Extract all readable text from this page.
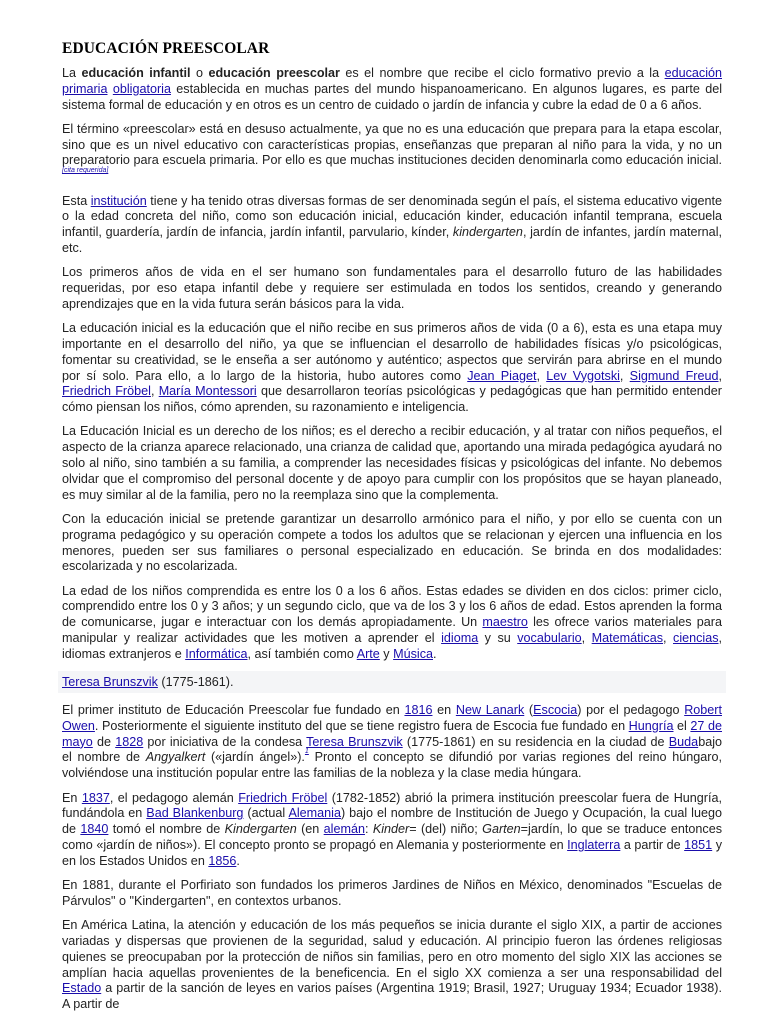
EDUCACIÓN PREESCOLAR

La educación infantil o educación preescolar es el nombre que recibe el ciclo formativo previo a la educación primaria obligatoria establecida en muchas partes del mundo hispanoamericano. En algunos lugares, es parte del sistema formal de educación y en otros es un centro de cuidado o jardín de infancia y cubre la edad de 0 a 6 años.

El término «preescolar» está en desuso actualmente, ya que no es una educación que prepara para la etapa escolar, sino que es un nivel educativo con características propias, enseñanzas que preparan al niño para la vida, y no un preparatorio para escuela primaria. Por ello es que muchas instituciones deciden denominarla como educación inicial.[cita requerida]

Esta institución tiene y ha tenido otras diversas formas de ser denominada según el país, el sistema educativo vigente o la edad concreta del niño, como son educación inicial, educación kinder, educación infantil temprana, escuela infantil, guardería, jardín de infancia, jardín infantil, parvulario, kínder, kindergarten, jardín de infantes, jardín maternal, etc.

Los primeros años de vida en el ser humano son fundamentales para el desarrollo futuro de las habilidades requeridas, por eso etapa infantil debe y requiere ser estimulada en todos los sentidos, creando y generando aprendizajes que en la vida futura serán básicos para la vida.

La educación inicial es la educación que el niño recibe en sus primeros años de vida (0 a 6), esta es una etapa muy importante en el desarrollo del niño, ya que se influencian el desarrollo de habilidades físicas y/o psicológicas, fomentar su creatividad, se le enseña a ser autónomo y auténtico; aspectos que servirán para abrirse en el mundo por sí solo. Para ello, a lo largo de la historia, hubo autores como Jean Piaget, Lev Vygotski, Sigmund Freud, Friedrich Fröbel, María Montessori que desarrollaron teorías psicológicas y pedagógicas que han permitido entender cómo piensan los niños, cómo aprenden, su razonamiento e inteligencia.

La Educación Inicial es un derecho de los niños; es el derecho a recibir educación, y al tratar con niños pequeños, el aspecto de la crianza aparece relacionado, una crianza de calidad que, aportando una mirada pedagógica ayudará no solo al niño, sino también a su familia, a comprender las necesidades físicas y psicológicas del infante. No debemos olvidar que el compromiso del personal docente y de apoyo para cumplir con los propósitos que se hayan planeado, es muy similar al de la familia, pero no la reemplaza sino que la complementa.

Con la educación inicial se pretende garantizar un desarrollo armónico para el niño, y por ello se cuenta con un programa pedagógico y su operación compete a todos los adultos que se relacionan y ejercen una influencia en los menores, pueden ser sus familiares o personal especializado en educación. Se brinda en dos modalidades: escolarizada y no escolarizada.

La edad de los niños comprendida es entre los 0 a los 6 años. Estas edades se dividen en dos ciclos: primer ciclo, comprendido entre los 0 y 3 años; y un segundo ciclo, que va de los 3 y los 6 años de edad. Estos aprenden la forma de comunicarse, jugar e interactuar con los demás apropiadamente. Un maestro les ofrece varios materiales para manipular y realizar actividades que les motiven a aprender el idioma y su vocabulario, Matemáticas, ciencias, idiomas extranjeros e Informática, así también como Arte y Música.

Teresa Brunszvik (1775-1861).

El primer instituto de Educación Preescolar fue fundado en 1816 en New Lanark (Escocia) por el pedagogo Robert Owen. Posteriormente el siguiente instituto del que se tiene registro fuera de Escocia fue fundado en Hungría el 27 de mayo de 1828 por iniciativa de la condesa Teresa Brunszvik (1775-1861) en su residencia en la ciudad de Budabajo el nombre de Angyalkert («jardín ángel»).$^1$ Pronto el concepto se difundió por varias regiones del reino húngaro, volviéndose una institución popular entre las familias de la nobleza y la clase media húngara.

En 1837, el pedagogo alemán Friedrich Fröbel (1782-1852) abrió la primera institución preescolar fuera de Hungría, fundándola en Bad Blankenburg (actual Alemania) bajo el nombre de Institución de Juego y Ocupación, la cual luego de 1840 tomó el nombre de Kindergarten (en alemán: Kinder= (del) niño; Garten=jardín, lo que se traduce entonces como «jardín de niños»). El concepto pronto se propagó en Alemania y posteriormente en Inglaterra a partir de 1851 y en los Estados Unidos en 1856.

En 1881, durante el Porfiriato son fundados los primeros Jardines de Niños en México, denominados "Escuelas de Párvulos" o "Kindergarten", en contextos urbanos.

En América Latina, la atención y educación de los más pequeños se inicia durante el siglo XIX, a partir de acciones variadas y dispersas que provienen de la seguridad, salud y educación. Al principio fueron las órdenes religiosas quienes se preocupaban por la protección de niños sin familias, pero en otro momento del siglo XIX las acciones se amplían hacia aquellas provenientes de la beneficencia. En el siglo XX comienza a ser una responsabilidad del Estado a partir de la sanción de leyes en varios países (Argentina 1919; Brasil, 1927; Uruguay 1934; Ecuador 1938). A partir de
